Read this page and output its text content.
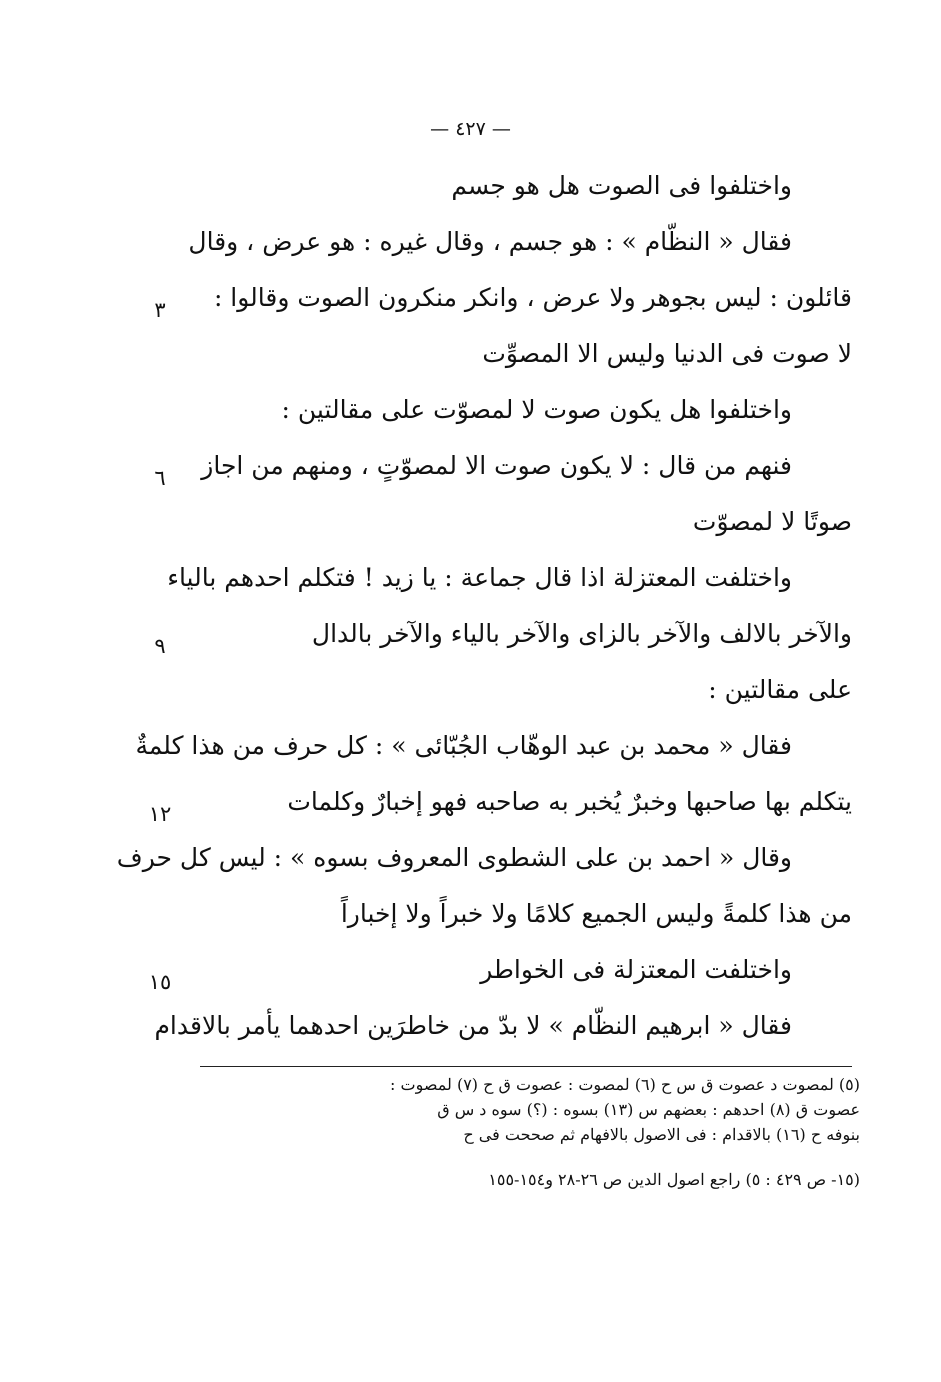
— ٤٢٧ —
واختلفوا فى الصوت هل هو جسم
فقال « النظّام » : هو جسم ، وقال غيره : هو عرض ، وقال
قائلون : ليس بجوهر ولا عرض ، وانكر منكرون الصوت وقالوا :
لا صوت فى الدنيا وليس الا المصوِّت
واختلفوا هل يكون صوت لا لمصوّت على مقالتين :
فنهم من قال : لا يكون صوت الا لمصوّتٍ ، ومنهم من اجاز
صوتًا لا لمصوّت
واختلفت المعتزلة اذا قال جماعة : يا زيد ! فتكلم احدهم بالياء
والآخر بالالف والآخر بالزاى والآخر بالياء والآخر بالدال
على مقالتين :
فقال « محمد بن عبد الوهّاب الجُبّائى » : كل حرف من هذا كلمةٌ
يتكلم بها صاحبها وخبرٌ يُخبر به صاحبه فهو إخبارٌ وكلمات
وقال « احمد بن على الشطوى المعروف بسوه » : ليس كل حرف
من هذا كلمةً وليس الجميع كلامًا ولا خبراً ولا إخباراً
واختلفت المعتزلة فى الخواطر
فقال « ابرهيم النظّام » لا بدّ من خاطرَين احدهما يأمر بالاقدام
٣
٦
٩
١٢
١٥
(٥) لمصوت د عصوت ق س ح (٦) لمصوت : عصوت ق ح (٧) لمصوت :
عصوت ق (٨) احدهم : بعضهم س (١٣) بسوه : (؟) سوه د س ق
بنوفه ح (١٦) بالاقدام : فى الاصول بالافهام ثم صححت فى ح
(١٥- ص ٤٢٩ : ٥) راجع اصول الدين ص ٢٦-٢٨ و١٥٤-١٥٥
